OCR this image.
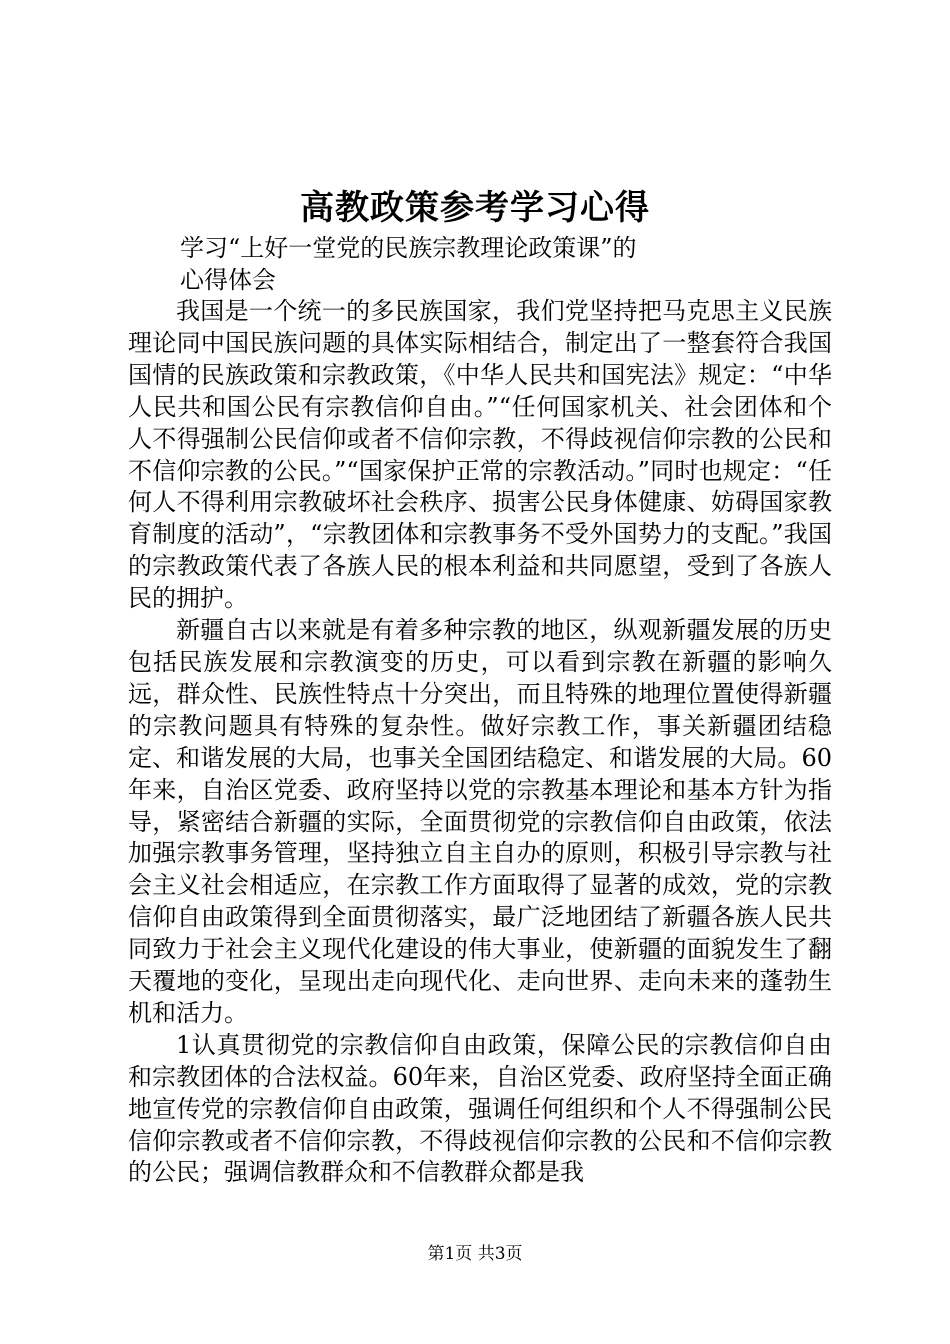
高教政策参考学习心得
学习“上好一堂党的民族宗教理论政策课”的
心得体会

我国是一个统一的多民族国家，我们党坚持把马克思主义民族理论同中国民族问题的具体实际相结合，制定出了一整套符合我国国情的民族政策和宗教政策，《中华人民共和国宪法》规定：“中华人民共和国公民有宗教信仰自由。”“任何国家机关、社会团体和个人不得强制公民信仰或者不信仰宗教，不得歧视信仰宗教的公民和不信仰宗教的公民。”“国家保护正常的宗教活动。”同时也规定：“任何人不得利用宗教破坏社会秩序、损害公民身体健康、妨碍国家教育制度的活动”，“宗教团体和宗教事务不受外国势力的支配。”我国的宗教政策代表了各族人民的根本利益和共同愿望，受到了各族人民的拥护。

新疆自古以来就是有着多种宗教的地区，纵观新疆发展的历史包括民族发展和宗教演变的历史，可以看到宗教在新疆的影响久远，群众性、民族性特点十分突出，而且特殊的地理位置使得新疆的宗教问题具有特殊的复杂性。做好宗教工作，事关新疆团结稳定、和谐发展的大局，也事关全国团结稳定、和谐发展的大局。60年来，自治区党委、政府坚持以党的宗教基本理论和基本方针为指导，紧密结合新疆的实际，全面贯彻党的宗教信仰自由政策，依法加强宗教事务管理，坚持独立自主自办的原则，积极引导宗教与社会主义社会相适应，在宗教工作方面取得了显著的成效，党的宗教信仰自由政策得到全面贯彻落实，最广泛地团结了新疆各族人民共同致力于社会主义现代化建设的伟大事业，使新疆的面貌发生了翻天覆地的变化，呈现出走向现代化、走向世界、走向未来的蓬勃生机和活力。

1认真贯彻党的宗教信仰自由政策，保障公民的宗教信仰自由和宗教团体的合法权益。60年来，自治区党委、政府坚持全面正确地宣传党的宗教信仰自由政策，强调任何组织和个人不得强制公民信仰宗教或者不信仰宗教，不得歧视信仰宗教的公民和不信仰宗教的公民；强调信教群众和不信教群众都是我

第1页 共3页
